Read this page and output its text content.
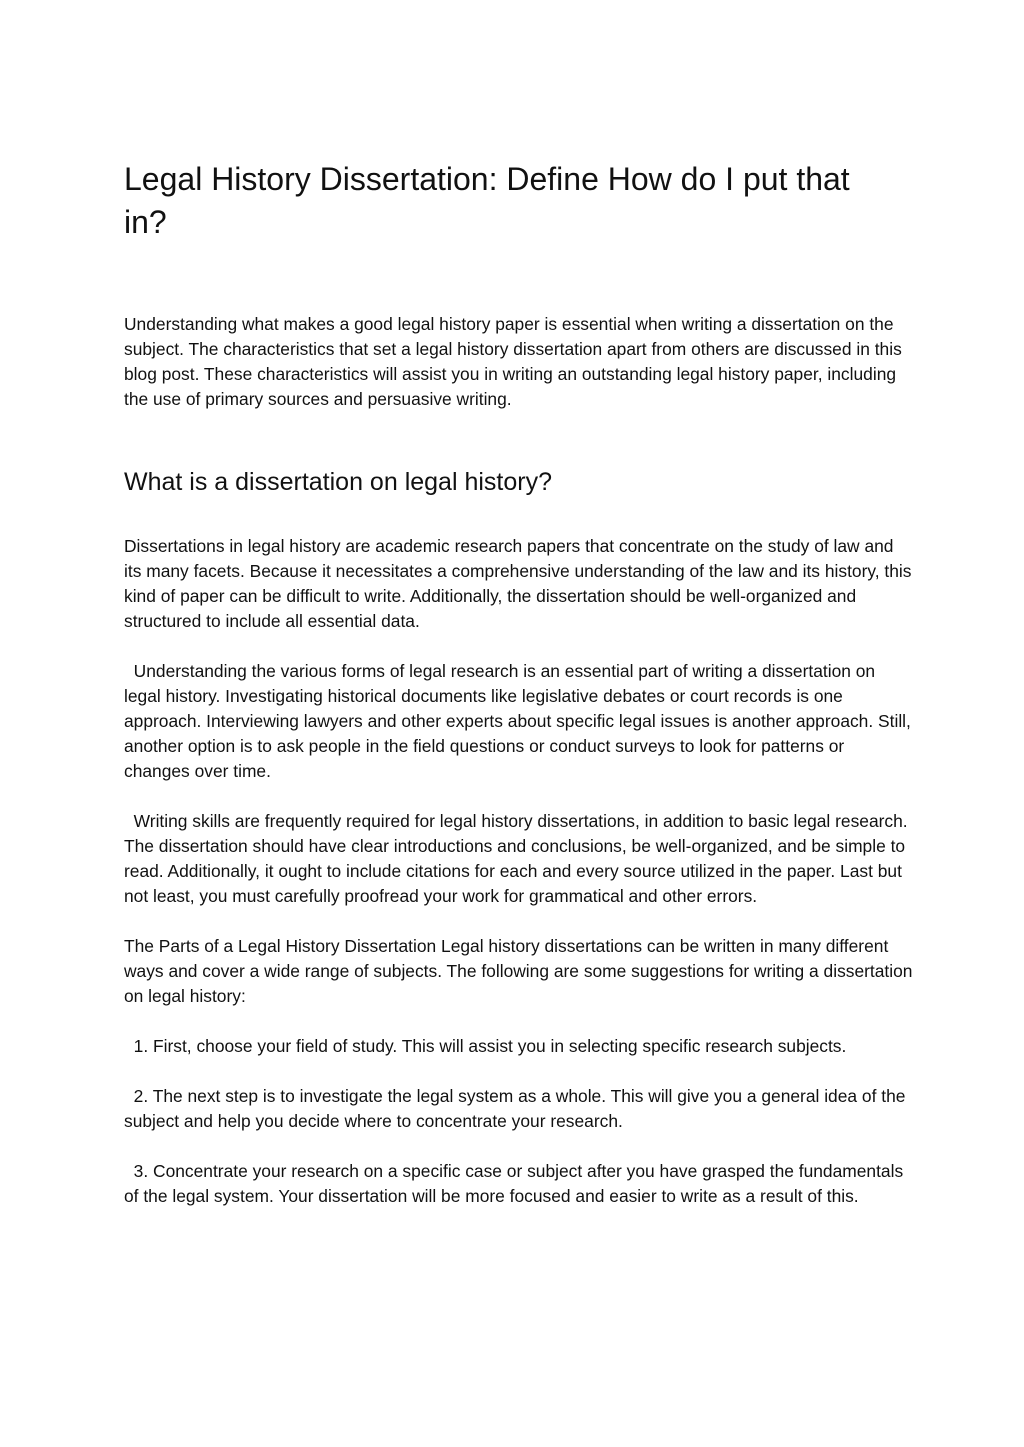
Legal History Dissertation: Define How do I put that in?

Understanding what makes a good legal history paper is essential when writing a dissertation on the subject. The characteristics that set a legal history dissertation apart from others are discussed in this blog post. These characteristics will assist you in writing an outstanding legal history paper, including the use of primary sources and persuasive writing.

What is a dissertation on legal history?

Dissertations in legal history are academic research papers that concentrate on the study of law and its many facets. Because it necessitates a comprehensive understanding of the law and its history, this kind of paper can be difficult to write. Additionally, the dissertation should be well-organized and structured to include all essential data.

Understanding the various forms of legal research is an essential part of writing a dissertation on legal history. Investigating historical documents like legislative debates or court records is one approach. Interviewing lawyers and other experts about specific legal issues is another approach. Still, another option is to ask people in the field questions or conduct surveys to look for patterns or changes over time.

Writing skills are frequently required for legal history dissertations, in addition to basic legal research. The dissertation should have clear introductions and conclusions, be well-organized, and be simple to read. Additionally, it ought to include citations for each and every source utilized in the paper. Last but not least, you must carefully proofread your work for grammatical and other errors.

The Parts of a Legal History Dissertation Legal history dissertations can be written in many different ways and cover a wide range of subjects. The following are some suggestions for writing a dissertation on legal history:

1. First, choose your field of study. This will assist you in selecting specific research subjects.

2. The next step is to investigate the legal system as a whole. This will give you a general idea of the subject and help you decide where to concentrate your research.

3. Concentrate your research on a specific case or subject after you have grasped the fundamentals of the legal system. Your dissertation will be more focused and easier to write as a result of this.
